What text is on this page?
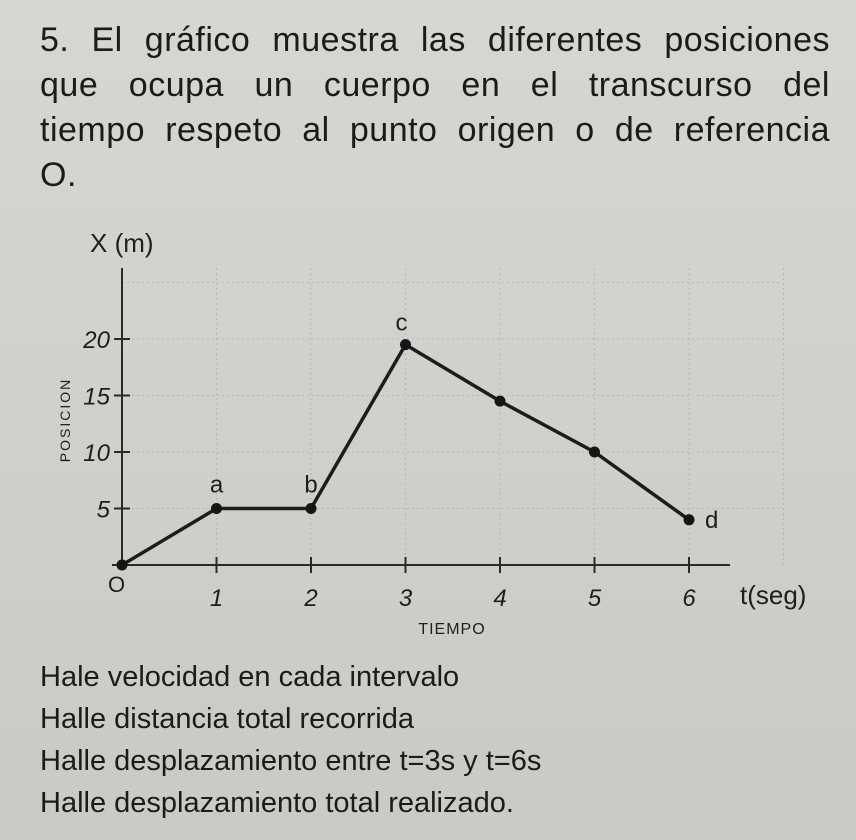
5. El gráfico muestra las diferentes posiciones
que ocupa un cuerpo en el transcurso del
tiempo respeto al punto origen o de referencia
O.

1	2	3	4	5	6
5
10
15
20
a	b
c
d
X (m)
POSICION
O	t(seg)
TIEMPO
Hale velocidad en cada intervalo
Halle distancia total recorrida
Halle desplazamiento entre t=3s y t=6s
Halle desplazamiento total realizado.
